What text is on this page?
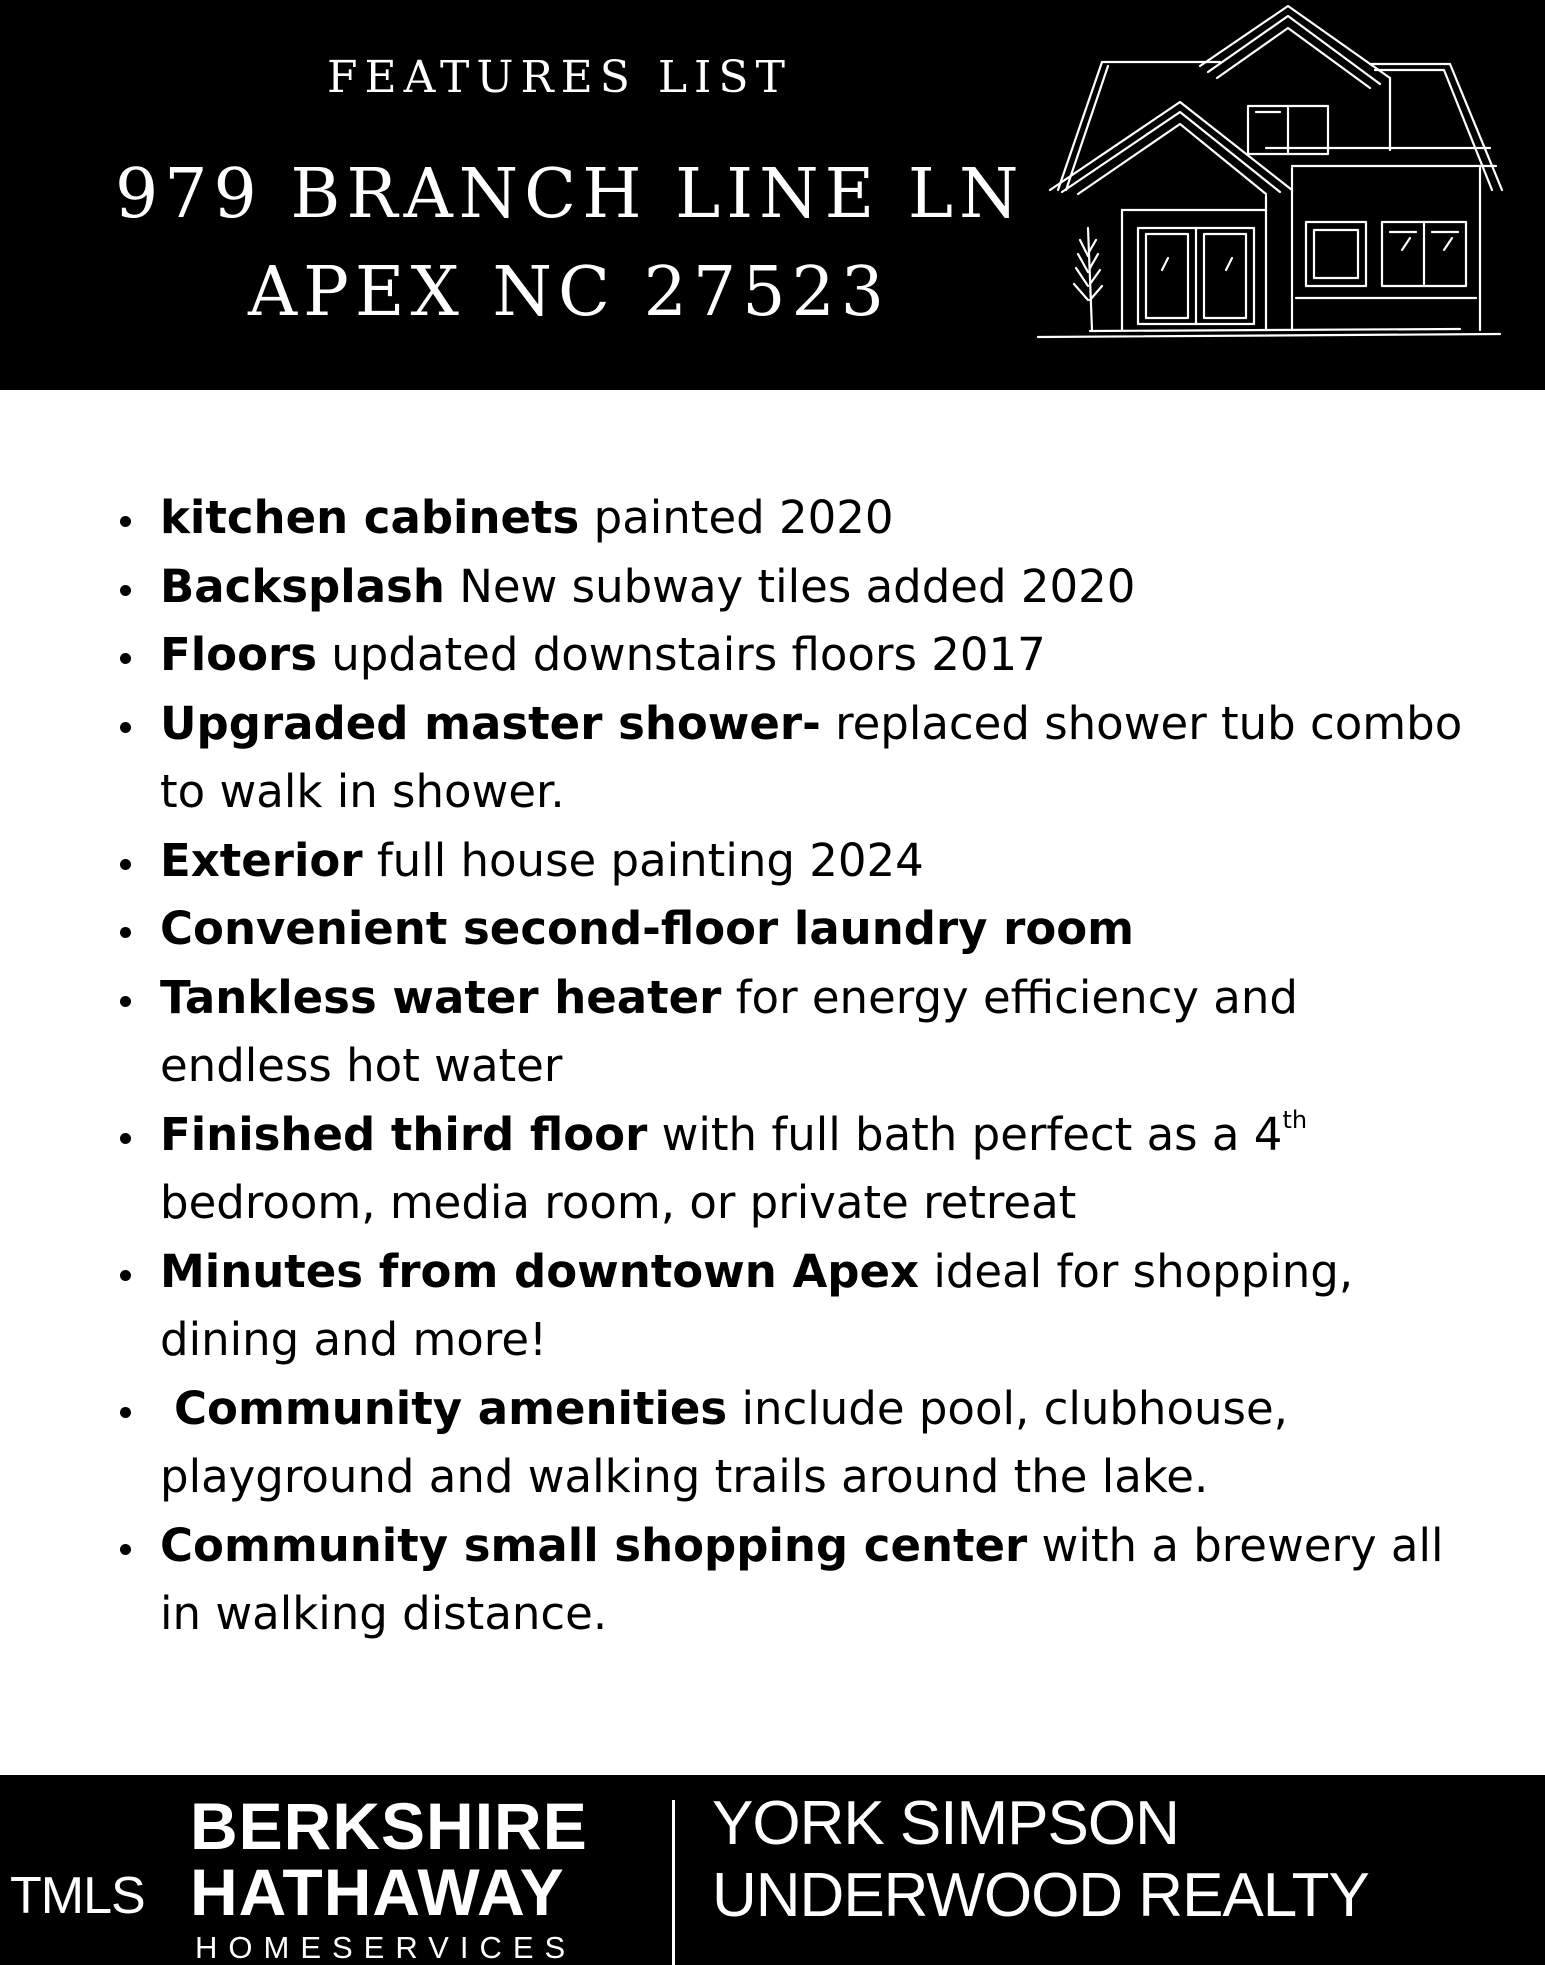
FEATURES LIST
979 BRANCH LINE LN
APEX NC 27523
kitchen cabinets painted 2020
Backsplash New subway tiles added 2020
Floors updated downstairs floors 2017
Upgraded master shower- replaced shower tub combo
to walk in shower.
Exterior full house painting 2024
Convenient second-floor laundry room
Tankless water heater for energy efficiency and
endless hot water
Finished third floor with full bath perfect as a 4th
bedroom, media room, or private retreat
Minutes from downtown Apex ideal for shopping,
dining and more!
Community amenities include pool, clubhouse,
playground and walking trails around the lake.
Community small shopping center with a brewery all
in walking distance.
TMLS
BERKSHIRE
HATHAWAY
HOMESERVICES
YORK SIMPSON
UNDERWOOD REALTY
